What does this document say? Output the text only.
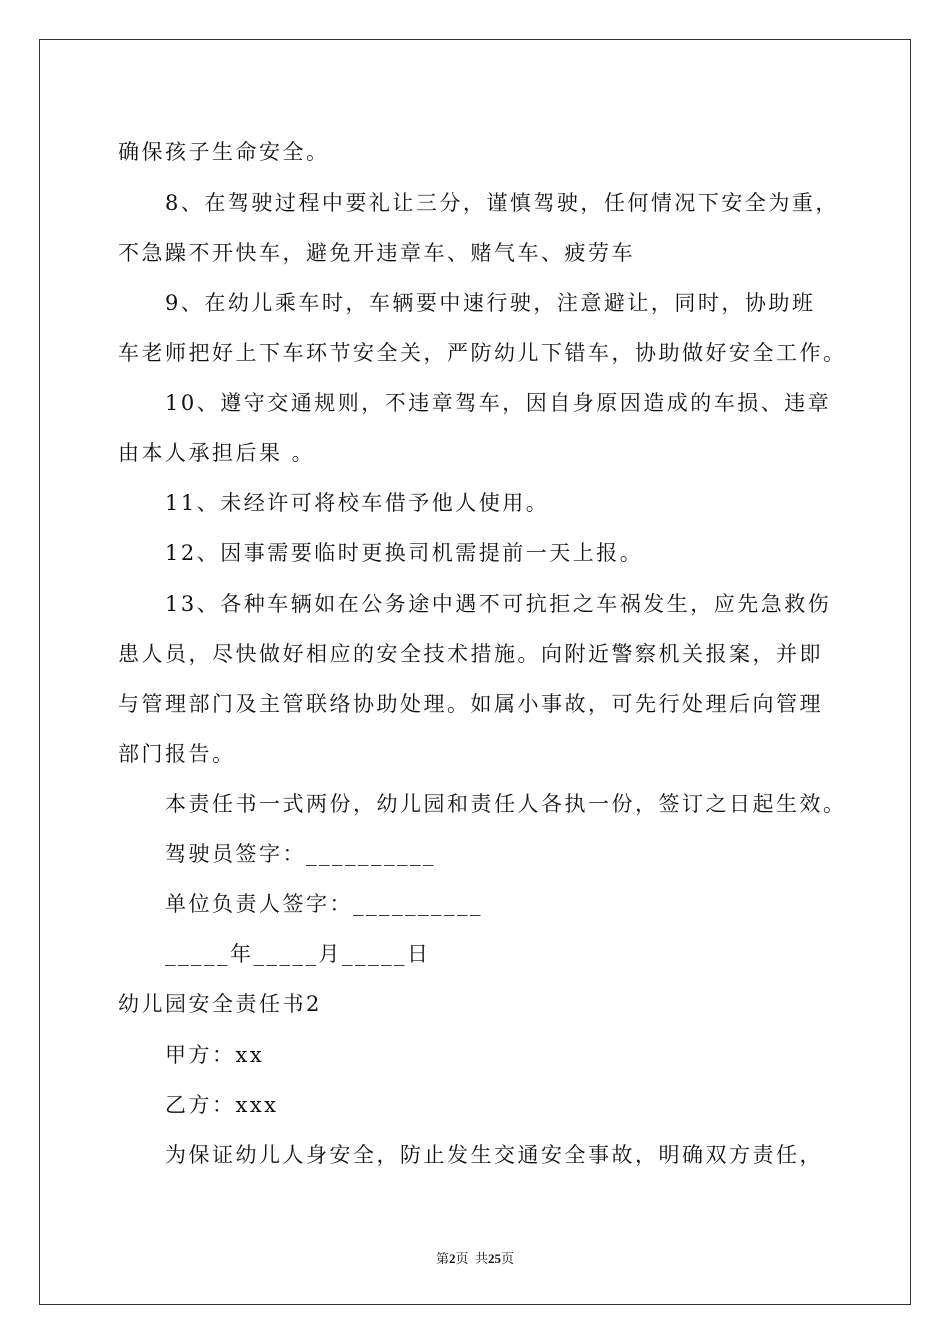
确保孩子生命安全。
8、在驾驶过程中要礼让三分，谨慎驾驶，任何情况下安全为重，
不急躁不开快车，避免开违章车、赌气车、疲劳车
9、在幼儿乘车时，车辆要中速行驶，注意避让，同时，协助班
车老师把好上下车环节安全关，严防幼儿下错车，协助做好安全工作。
10、遵守交通规则，不违章驾车，因自身原因造成的车损、违章
由本人承担后果 。
11、未经许可将校车借予他人使用。
12、因事需要临时更换司机需提前一天上报。
13、各种车辆如在公务途中遇不可抗拒之车祸发生，应先急救伤
患人员，尽快做好相应的安全技术措施。向附近警察机关报案，并即
与管理部门及主管联络协助处理。如属小事故，可先行处理后向管理
部门报告。
本责任书一式两份，幼儿园和责任人各执一份，签订之日起生效。
驾驶员签字：__________
单位负责人签字：__________
_____年_____月_____日
幼儿园安全责任书2
甲方：xx
乙方：xxx
为保证幼儿人身安全，防止发生交通安全事故，明确双方责任，
第2页  共25页
